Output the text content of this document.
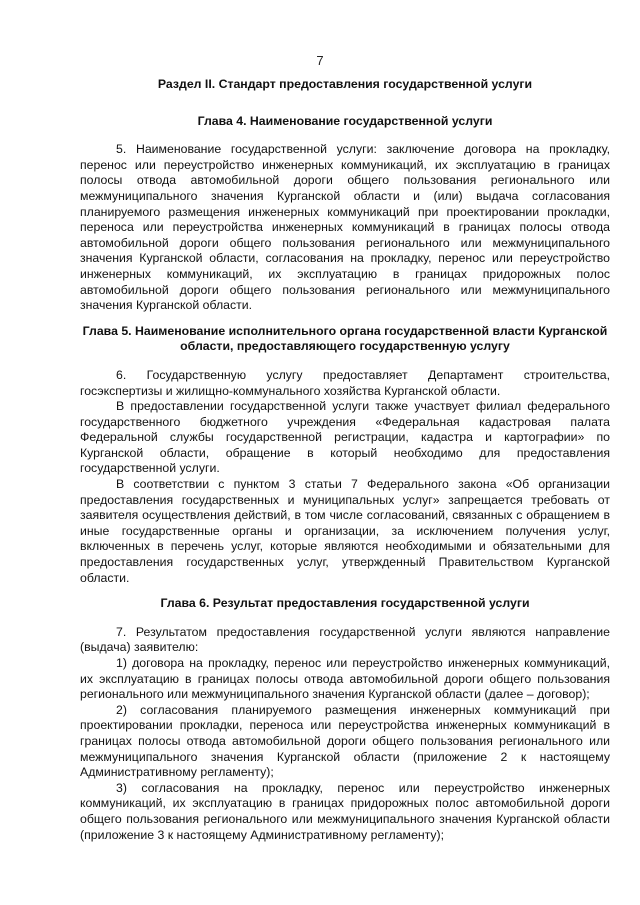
7

Раздел II. Стандарт предоставления государственной услуги

Глава 4. Наименование государственной услуги

5. Наименование государственной услуги: заключение договора на прокладку, перенос или переустройство инженерных коммуникаций, их эксплуатацию в границах полосы отвода автомобильной дороги общего пользования регионального или межмуниципального значения Курганской области и (или) выдача согласования планируемого размещения инженерных коммуникаций при проектировании прокладки, переноса или переустройства инженерных коммуникаций в границах полосы отвода автомобильной дороги общего пользования регионального или межмуниципального значения Курганской области, согласования на прокладку, перенос или переустройство инженерных коммуникаций, их эксплуатацию в границах придорожных полос автомобильной дороги общего пользования регионального или межмуниципального значения Курганской области.

Глава 5. Наименование исполнительного органа государственной власти Курганской области, предоставляющего государственную услугу

6. Государственную услугу предоставляет Департамент строительства, госэкспертизы и жилищно-коммунального хозяйства Курганской области.

В предоставлении государственной услуги также участвует филиал федерального государственного бюджетного учреждения «Федеральная кадастровая палата Федеральной службы государственной регистрации, кадастра и картографии» по Курганской области, обращение в который необходимо для предоставления государственной услуги.

В соответствии с пунктом 3 статьи 7 Федерального закона «Об организации предоставления государственных и муниципальных услуг» запрещается требовать от заявителя осуществления действий, в том числе согласований, связанных с обращением в иные государственные органы и организации, за исключением получения услуг, включенных в перечень услуг, которые являются необходимыми и обязательными для предоставления государственных услуг, утвержденный Правительством Курганской области.

Глава 6. Результат предоставления государственной услуги

7. Результатом предоставления государственной услуги являются направление (выдача) заявителю:

1) договора на прокладку, перенос или переустройство инженерных коммуникаций, их эксплуатацию в границах полосы отвода автомобильной дороги общего пользования регионального или межмуниципального значения Курганской области (далее – договор);

2) согласования планируемого размещения инженерных коммуникаций при проектировании прокладки, переноса или переустройства инженерных коммуникаций в границах полосы отвода автомобильной дороги общего пользования регионального или межмуниципального значения Курганской области (приложение 2 к настоящему Административному регламенту);

3) согласования на прокладку, перенос или переустройство инженерных коммуникаций, их эксплуатацию в границах придорожных полос автомобильной дороги общего пользования регионального или межмуниципального значения Курганской области (приложение 3 к настоящему Административному регламенту);
